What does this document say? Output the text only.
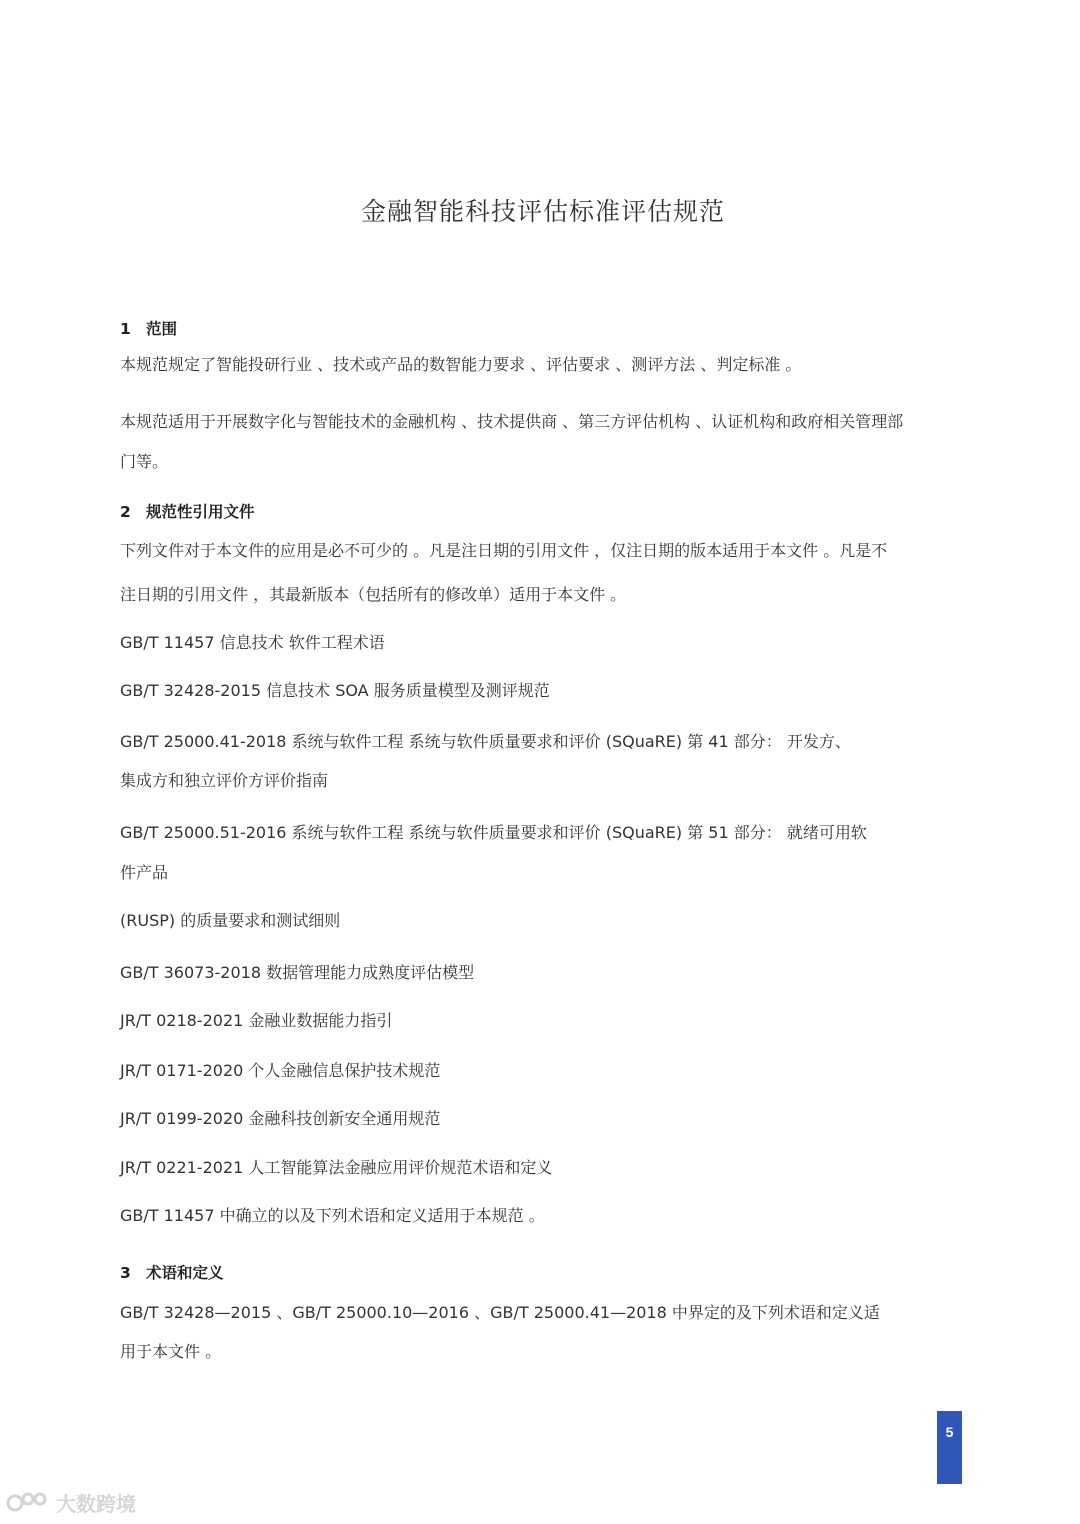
金融智能科技评估标准评估规范
1 范围
本规范规定了智能投研行业 、技术或产品的数智能力要求 、评估要求 、测评方法 、判定标准 。
本规范适用于开展数字化与智能技术的金融机构 、技术提供商 、第三方评估机构 、认证机构和政府相关管理部
门等。
2 规范性引用文件
下列文件对于本文件的应用是必不可少的 。凡是注日期的引用文件 ，仅注日期的版本适用于本文件 。凡是不
注日期的引用文件 ，其最新版本（包括所有的修改单）适用于本文件 。
GB/T 11457 信息技术 软件工程术语
GB/T 32428-2015 信息技术 SOA 服务质量模型及测评规范
GB/T 25000.41-2018 系统与软件工程 系统与软件质量要求和评价 (SQuaRE) 第 41 部分： 开发方、
集成方和独立评价方评价指南
GB/T 25000.51-2016 系统与软件工程 系统与软件质量要求和评价 (SQuaRE) 第 51 部分： 就绪可用软
件产品
(RUSP) 的质量要求和测试细则
GB/T 36073-2018 数据管理能力成熟度评估模型
JR/T 0218-2021 金融业数据能力指引
JR/T 0171-2020 个人金融信息保护技术规范
JR/T 0199-2020 金融科技创新安全通用规范
JR/T 0221-2021 人工智能算法金融应用评价规范术语和定义
GB/T 11457 中确立的以及下列术语和定义适用于本规范 。
3 术语和定义
GB/T 32428—2015 、GB/T 25000.10—2016 、GB/T 25000.41—2018 中界定的及下列术语和定义适
用于本文件 。
5
大数跨境
